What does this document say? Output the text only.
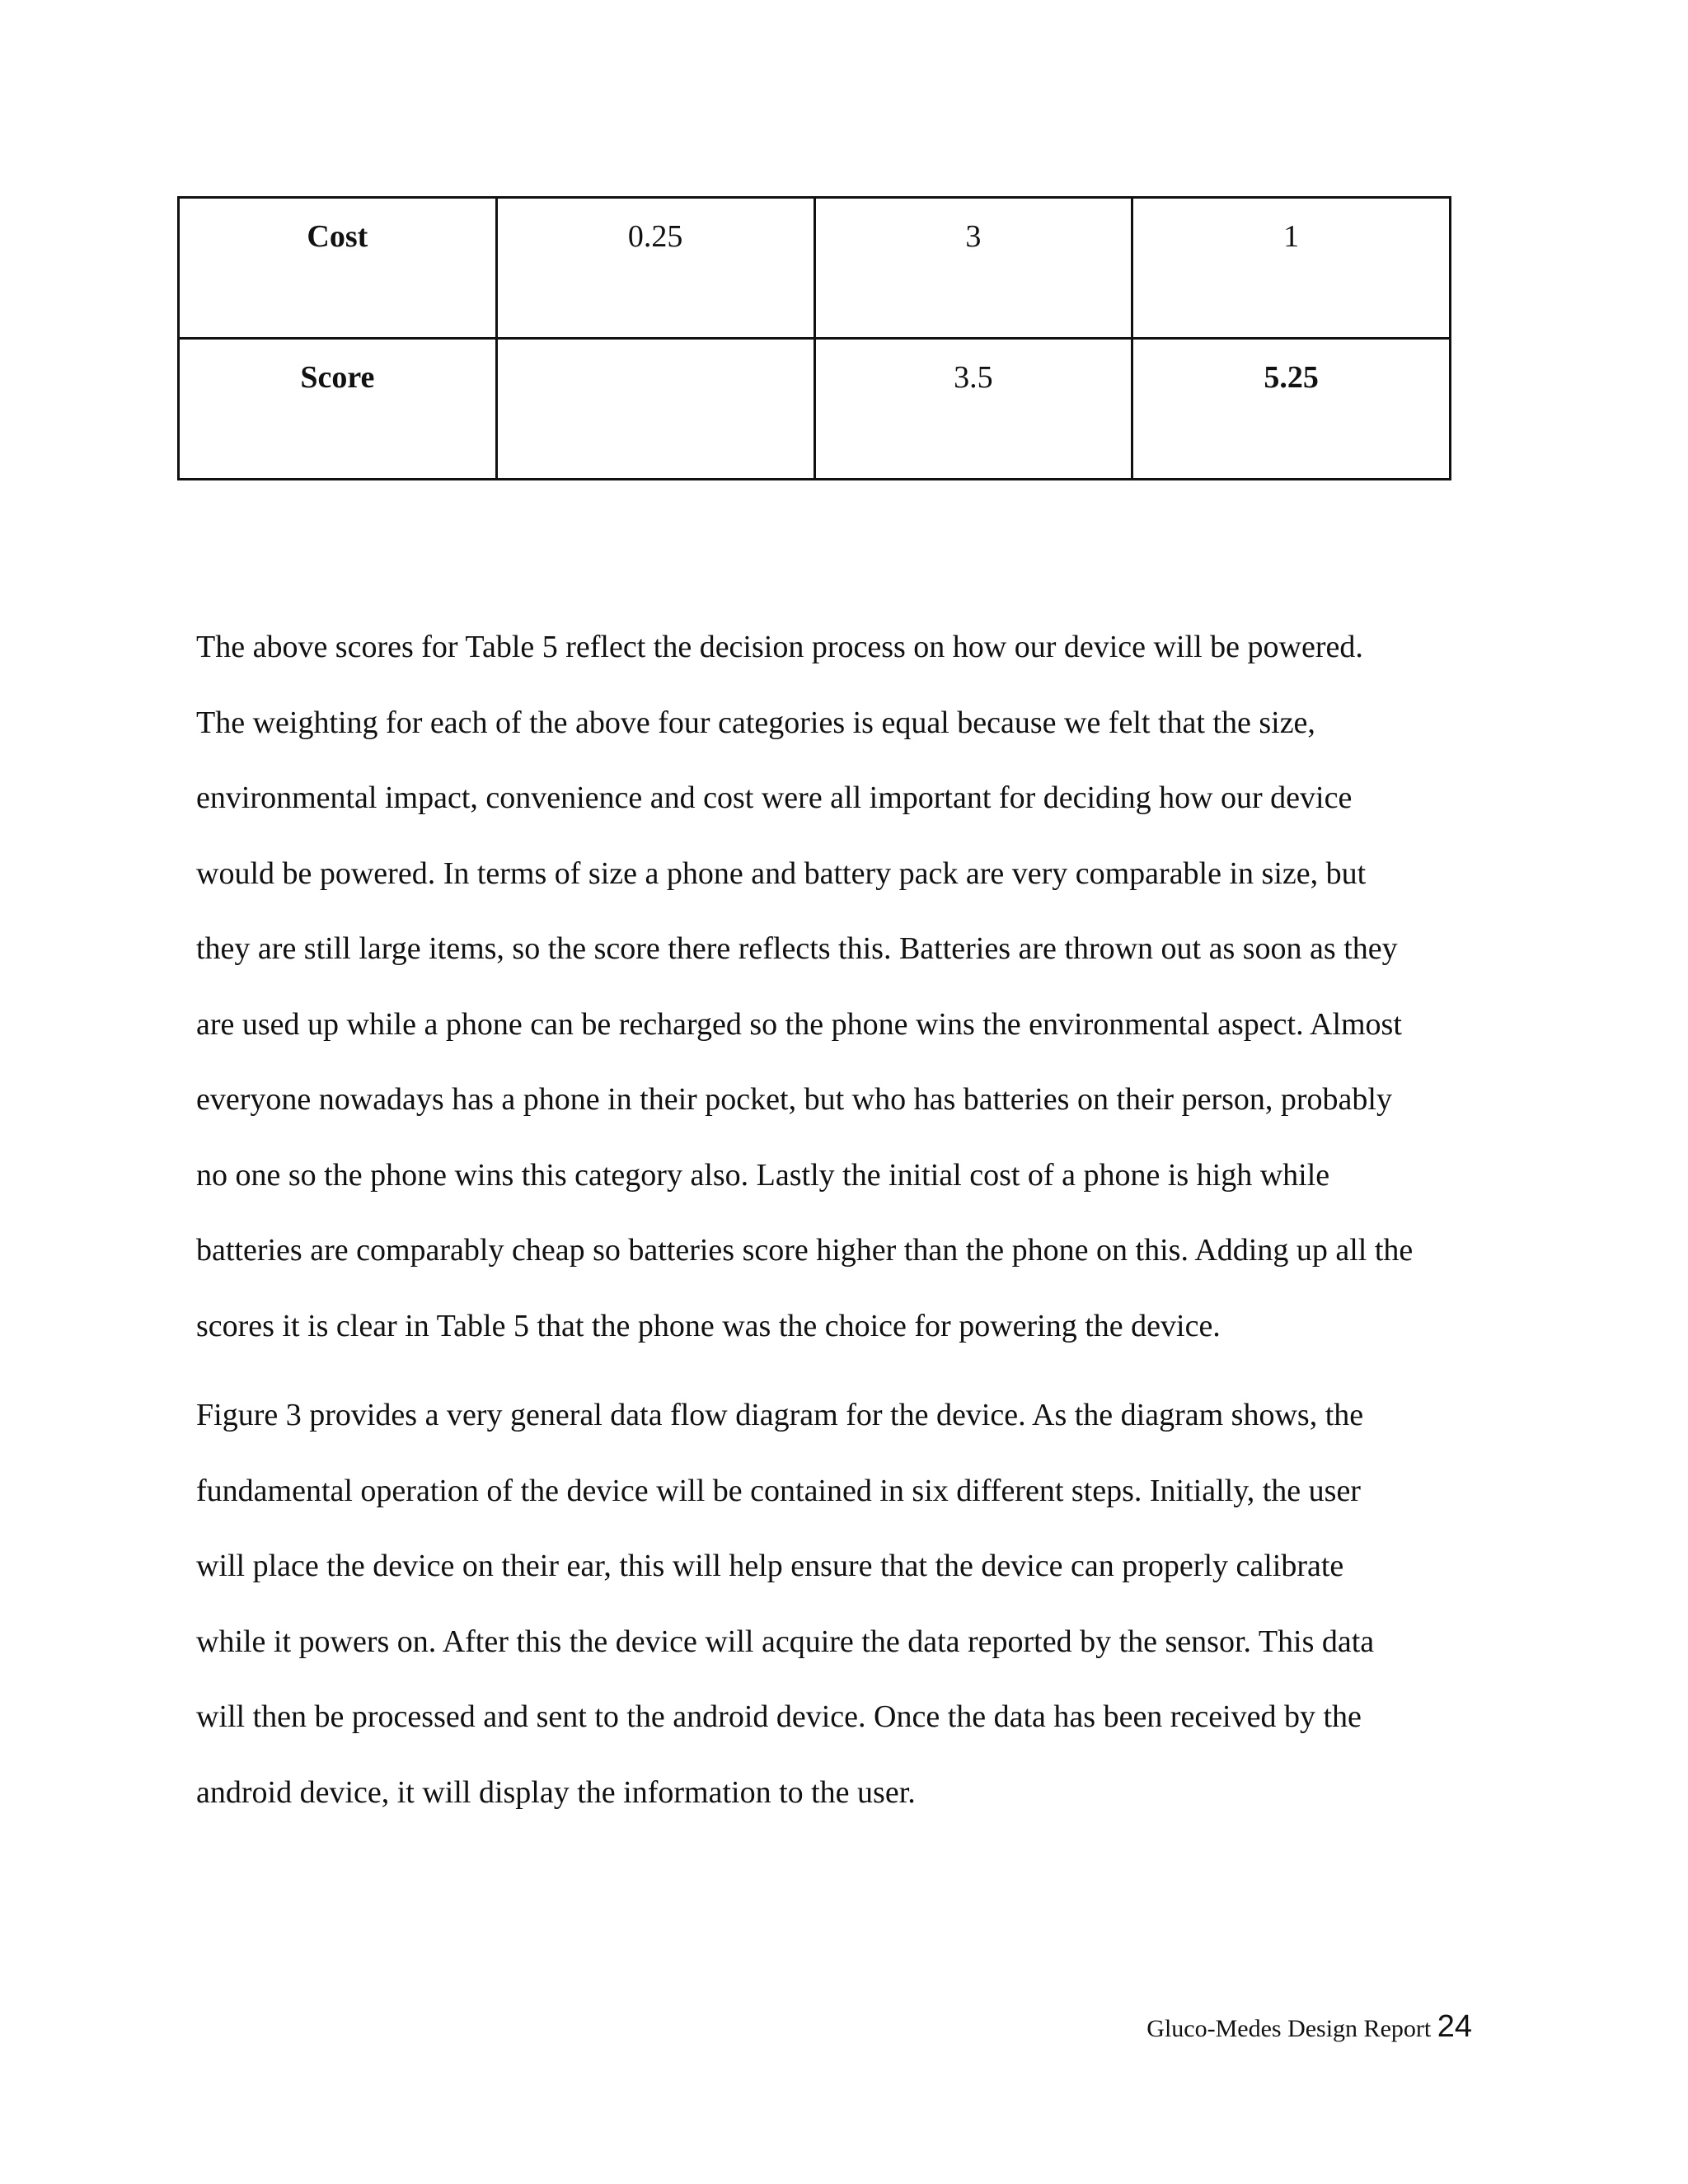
Cost	0.25	3	1
Score		3.5	5.25
The above scores for Table 5 reflect the decision process on how our device will be powered.
The weighting for each of the above four categories is equal because we felt that the size,
environmental impact, convenience and cost were all important for deciding how our device
would be powered. In terms of size a phone and battery pack are very comparable in size, but
they are still large items, so the score there reflects this. Batteries are thrown out as soon as they
are used up while a phone can be recharged so the phone wins the environmental aspect. Almost
everyone nowadays has a phone in their pocket, but who has batteries on their person, probably
no one so the phone wins this category also. Lastly the initial cost of a phone is high while
batteries are comparably cheap so batteries score higher than the phone on this. Adding up all the
scores it is clear in Table 5 that the phone was the choice for powering the device.
Figure 3 provides a very general data flow diagram for the device. As the diagram shows, the
fundamental operation of the device will be contained in six different steps. Initially, the user
will place the device on their ear, this will help ensure that the device can properly calibrate
while it powers on. After this the device will acquire the data reported by the sensor. This data
will then be processed and sent to the android device. Once the data has been received by the
android device, it will display the information to the user.
Gluco-Medes Design Report 24
